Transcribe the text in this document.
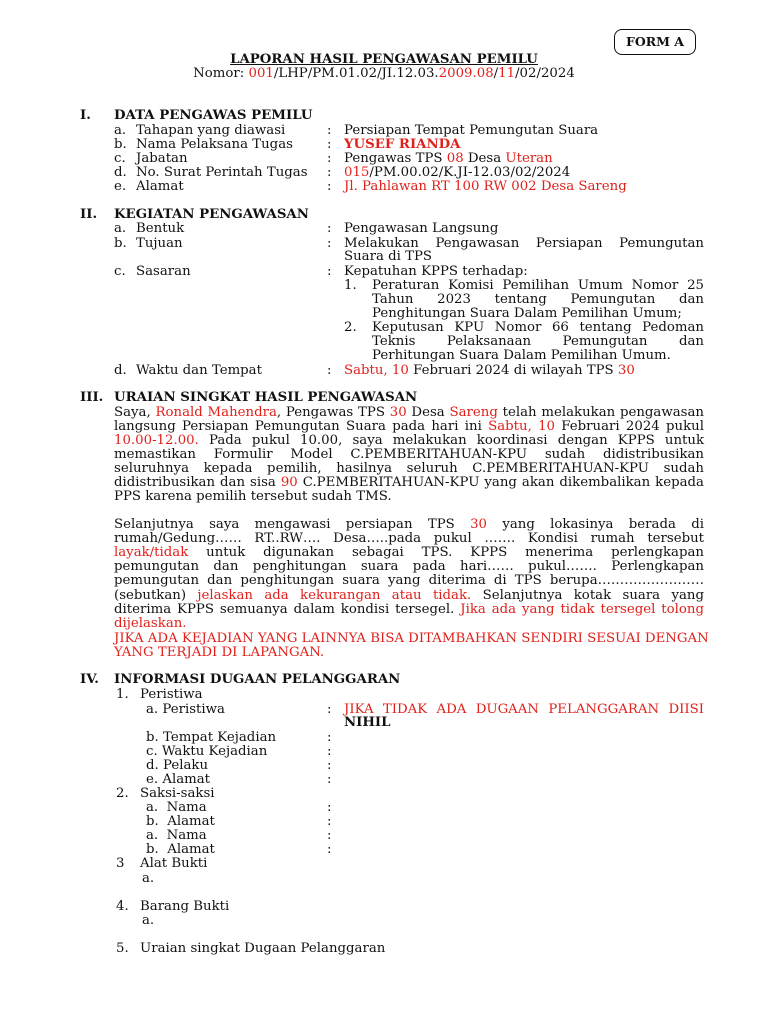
FORM A
LAPORAN HASIL PENGAWASAN PEMILU
Nomor: 001/LHP/PM.01.02/JI.12.03.2009.08/11/02/2024
I. DATA PENGAWAS PEMILU
a. Tahapan yang diawasi	: Persiapan Tempat Pemungutan Suara
b. Nama Pelaksana Tugas	: YUSEF RIANDA
c. Jabatan	: Pengawas TPS 08 Desa Uteran
d. No. Surat Perintah Tugas : 015/PM.00.02/K.JI-12.03/02/2024
e. Alamat	: Jl. Pahlawan RT 100 RW 002 Desa Sareng
II. KEGIATAN PENGAWASAN
a. Bentuk	: Pengawasan Langsung
b. Tujuan	: Melakukan Pengawasan Persiapan Pemungutan
Suara di TPS
c. Sasaran	: Kepatuhan KPPS terhadap:
1. Peraturan Komisi Pemilihan Umum Nomor 25
Tahun 2023 tentang Pemungutan dan
Penghitungan Suara Dalam Pemilihan Umum;
2. Keputusan KPU Nomor 66 tentang Pedoman
Teknis Pelaksanaan Pemungutan dan
Perhitungan Suara Dalam Pemilihan Umum.
d. Waktu dan Tempat	: Sabtu, 10 Februari 2024 di wilayah TPS 30
III. URAIAN SINGKAT HASIL PENGAWASAN
Saya, Ronald Mahendra, Pengawas TPS 30 Desa Sareng telah melakukan pengawasan
langsung Persiapan Pemungutan Suara pada hari ini Sabtu, 10 Februari 2024 pukul
10.00-12.00. Pada pukul 10.00, saya melakukan koordinasi dengan KPPS untuk
memastikan Formulir Model C.PEMBERITAHUAN-KPU sudah didistribusikan
seluruhnya kepada pemilih, hasilnya seluruh C.PEMBERITAHUAN-KPU sudah
didistribusikan dan sisa 90 C.PEMBERITAHUAN-KPU yang akan dikembalikan kepada
PPS karena pemilih tersebut sudah TMS.
Selanjutnya saya mengawasi persiapan TPS 30 yang lokasinya berada di
rumah/Gedung…… RT..RW…. Desa…..pada pukul ……. Kondisi rumah tersebut
layak/tidak untuk digunakan sebagai TPS. KPPS menerima perlengkapan
pemungutan dan penghitungan suara pada hari…… pukul……. Perlengkapan
pemungutan dan penghitungan suara yang diterima di TPS berupa……………………
(sebutkan) jelaskan ada kekurangan atau tidak. Selanjutnya kotak suara yang
diterima KPPS semuanya dalam kondisi tersegel. Jika ada yang tidak tersegel tolong
dijelaskan.
JIKA ADA KEJADIAN YANG LAINNYA BISA DITAMBAHKAN SENDIRI SESUAI DENGAN
YANG TERJADI DI LAPANGAN.
IV. INFORMASI DUGAAN PELANGGARAN
1. Peristiwa
a. Peristiwa	: JIKA TIDAK ADA DUGAAN PELANGGARAN DIISI
NIHIL
b. Tempat Kejadian	:
c. Waktu Kejadian	:
d. Pelaku	:
e. Alamat	:
2. Saksi-saksi
a. Nama	:
b. Alamat	:
a. Nama	:
b. Alamat	:
3 Alat Bukti
a.
4. Barang Bukti
a.
5. Uraian singkat Dugaan Pelanggaran
